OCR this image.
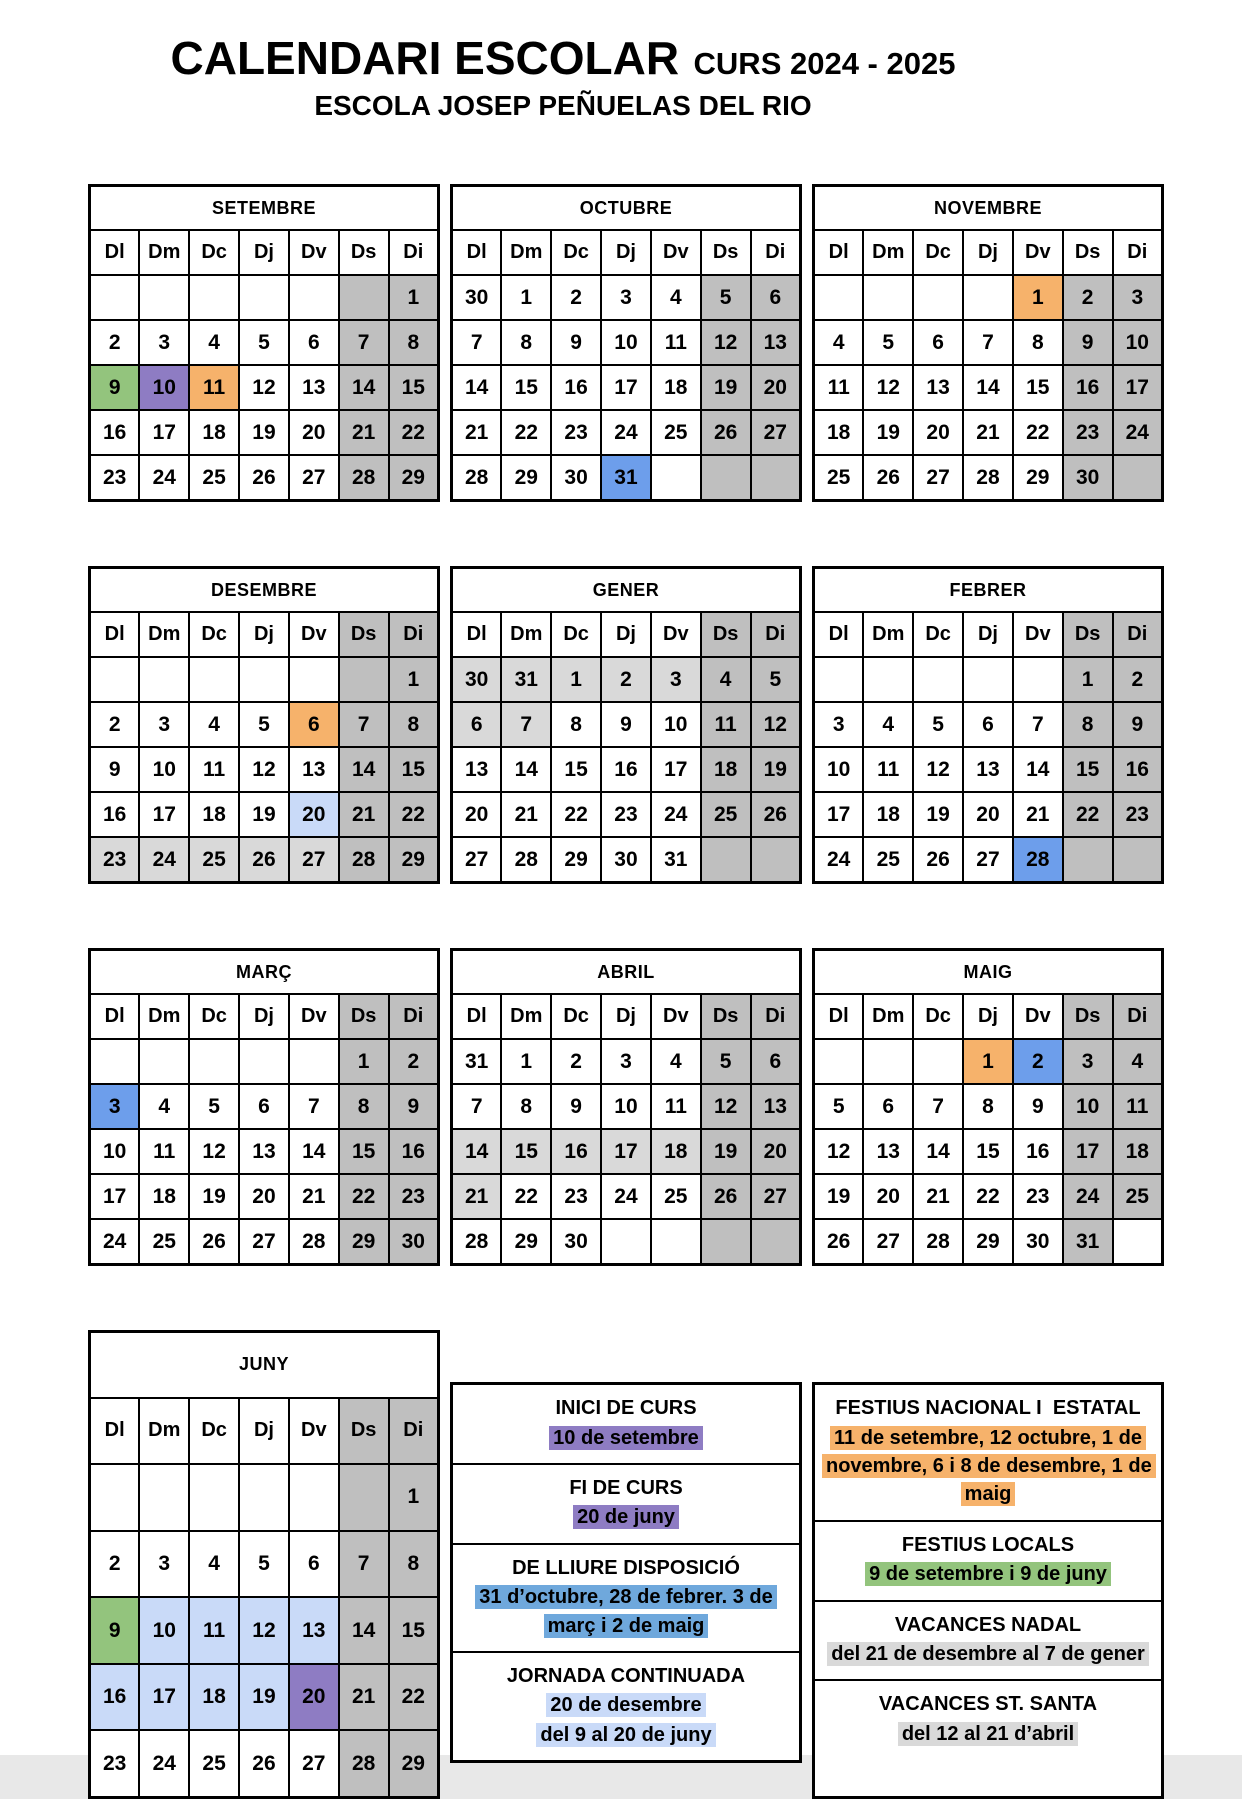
CALENDARI ESCOLAR CURS 2024 - 2025
ESCOLA JOSEP PEÑUELAS DEL RIO
SETEMBRE						
Dl	Dm	Dc	Dj	Dv	Ds	Di
						1
2	3	4	5	6	7	8
9	10	11	12	13	14	15
16	17	18	19	20	21	22
23	24	25	26	27	28	29
OCTUBRE						
Dl	Dm	Dc	Dj	Dv	Ds	Di
30	1	2	3	4	5	6
7	8	9	10	11	12	13
14	15	16	17	18	19	20
21	22	23	24	25	26	27
28	29	30	31			
NOVEMBRE						
Dl	Dm	Dc	Dj	Dv	Ds	Di
				1	2	3
4	5	6	7	8	9	10
11	12	13	14	15	16	17
18	19	20	21	22	23	24
25	26	27	28	29	30	
DESEMBRE						
Dl	Dm	Dc	Dj	Dv	Ds	Di
						1
2	3	4	5	6	7	8
9	10	11	12	13	14	15
16	17	18	19	20	21	22
23	24	25	26	27	28	29
GENER						
Dl	Dm	Dc	Dj	Dv	Ds	Di
30	31	1	2	3	4	5
6	7	8	9	10	11	12
13	14	15	16	17	18	19
20	21	22	23	24	25	26
27	28	29	30	31		
FEBRER						
Dl	Dm	Dc	Dj	Dv	Ds	Di
					1	2
3	4	5	6	7	8	9
10	11	12	13	14	15	16
17	18	19	20	21	22	23
24	25	26	27	28		
MARÇ						
Dl	Dm	Dc	Dj	Dv	Ds	Di
					1	2
3	4	5	6	7	8	9
10	11	12	13	14	15	16
17	18	19	20	21	22	23
24	25	26	27	28	29	30
ABRIL						
Dl	Dm	Dc	Dj	Dv	Ds	Di
31	1	2	3	4	5	6
7	8	9	10	11	12	13
14	15	16	17	18	19	20
21	22	23	24	25	26	27
28	29	30				
MAIG						
Dl	Dm	Dc	Dj	Dv	Ds	Di
			1	2	3	4
5	6	7	8	9	10	11
12	13	14	15	16	17	18
19	20	21	22	23	24	25
26	27	28	29	30	31	
JUNY						
Dl	Dm	Dc	Dj	Dv	Ds	Di
						1
2	3	4	5	6	7	8
9	10	11	12	13	14	15
16	17	18	19	20	21	22
23	24	25	26	27	28	29
INICI DE CURS
10 de setembre
FI DE CURS
20 de juny
DE LLIURE DISPOSICIÓ
31 d’octubre, 28 de febrer. 3 de març i 2 de maig
JORNADA CONTINUADA
20 de desembre
del 9 al 20 de juny
FESTIUS NACIONAL I  ESTATAL
11 de setembre, 12 octubre, 1 de novembre, 6 i 8 de desembre, 1 de maig
FESTIUS LOCALS
9 de setembre i 9 de juny
VACANCES NADAL
del 21 de desembre al 7 de gener
VACANCES ST. SANTA
del 12 al 21 d’abril
